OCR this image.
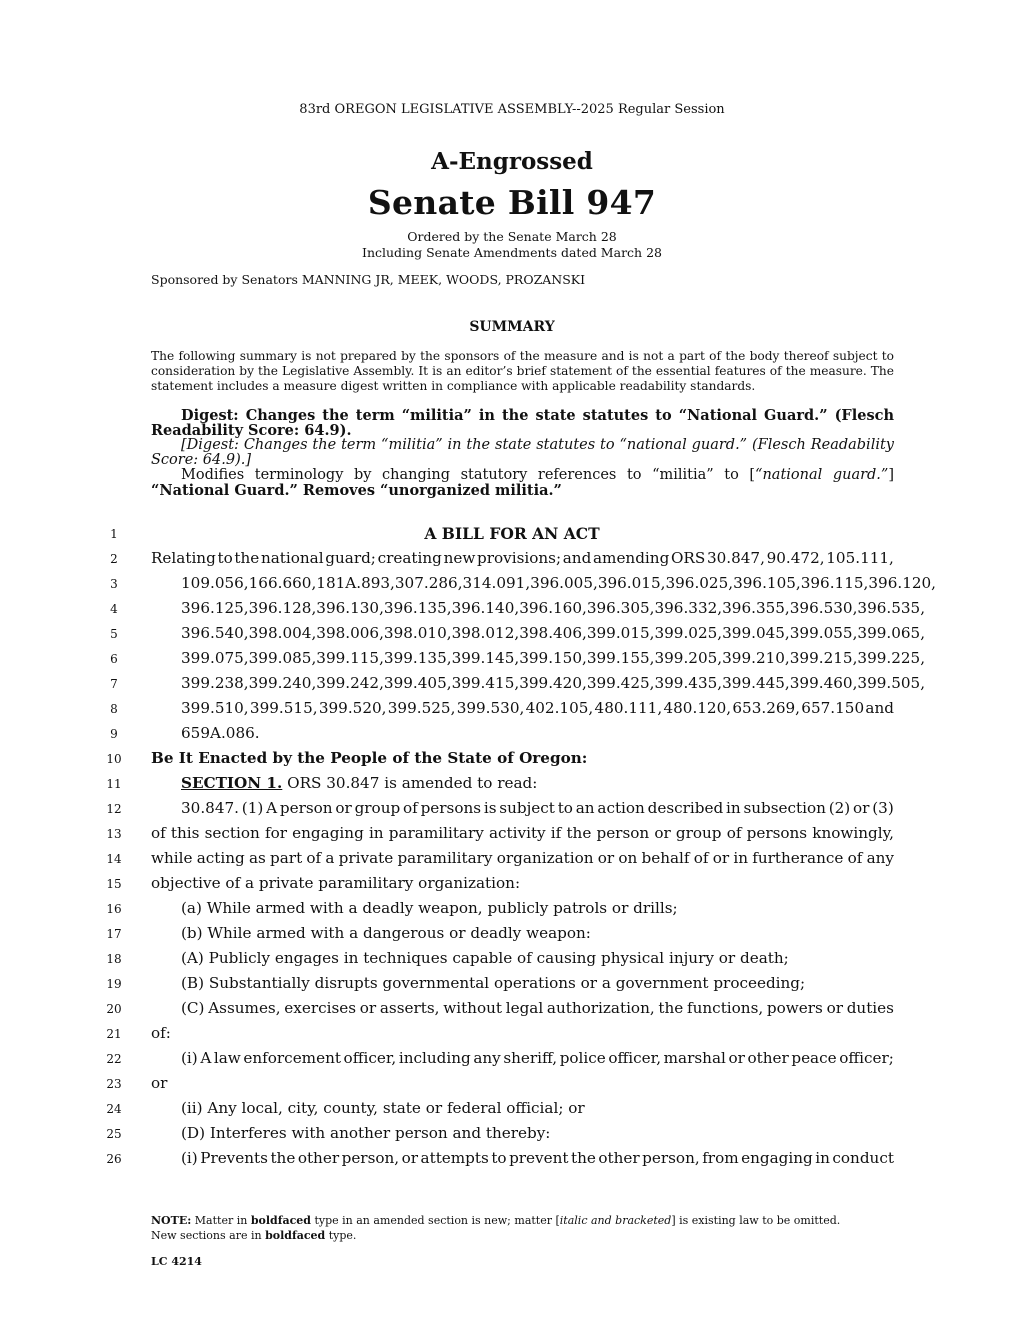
83rd OREGON LEGISLATIVE ASSEMBLY--2025 Regular Session
A-Engrossed
Senate Bill 947
Ordered by the Senate March 28
Including Senate Amendments dated March 28
Sponsored by Senators MANNING JR, MEEK, WOODS, PROZANSKI
SUMMARY
The following summary is not prepared by the sponsors of the measure and is not a part of the body thereof subject to consideration by the Legislative Assembly. It is an editor’s brief statement of the essential features of the measure. The statement includes a measure digest written in compliance with applicable readability standards.
Digest: Changes the term “militia” in the state statutes to “National Guard.” (Flesch Readability Score: 64.9).
[Digest: Changes the term “militia” in the state statutes to “national guard.” (Flesch Readability Score: 64.9).]
Modifies terminology by changing statutory references to “militia” to [“national guard.”] “National Guard.” Removes “unorganized militia.”
1
2
3
4
5
6
7
8
9
10
11
12
13
14
15
16
17
18
19
20
21
22
23
24
25
26
A BILL FOR AN ACT
Relating to the national guard; creating new provisions; and amending ORS 30.847, 90.472, 105.111,
109.056, 166.660, 181A.893, 307.286, 314.091, 396.005, 396.015, 396.025, 396.105, 396.115, 396.120,
396.125, 396.128, 396.130, 396.135, 396.140, 396.160, 396.305, 396.332, 396.355, 396.530, 396.535,
396.540, 398.004, 398.006, 398.010, 398.012, 398.406, 399.015, 399.025, 399.045, 399.055, 399.065,
399.075, 399.085, 399.115, 399.135, 399.145, 399.150, 399.155, 399.205, 399.210, 399.215, 399.225,
399.238, 399.240, 399.242, 399.405, 399.415, 399.420, 399.425, 399.435, 399.445, 399.460, 399.505,
399.510, 399.515, 399.520, 399.525, 399.530, 402.105, 480.111, 480.120, 653.269, 657.150 and
659A.086.
Be It Enacted by the People of the State of Oregon:
SECTION 1. ORS 30.847 is amended to read:
30.847. (1) A person or group of persons is subject to an action described in subsection (2) or (3)
of this section for engaging in paramilitary activity if the person or group of persons knowingly,
while acting as part of a private paramilitary organization or on behalf of or in furtherance of any
objective of a private paramilitary organization:
(a) While armed with a deadly weapon, publicly patrols or drills;
(b) While armed with a dangerous or deadly weapon:
(A) Publicly engages in techniques capable of causing physical injury or death;
(B) Substantially disrupts governmental operations or a government proceeding;
(C) Assumes, exercises or asserts, without legal authorization, the functions, powers or duties
of:
(i) A law enforcement officer, including any sheriff, police officer, marshal or other peace officer;
or
(ii) Any local, city, county, state or federal official; or
(D) Interferes with another person and thereby:
(i) Prevents the other person, or attempts to prevent the other person, from engaging in conduct
NOTE: Matter in boldfaced type in an amended section is new; matter [italic and bracketed] is existing law to be omitted.
New sections are in boldfaced type.
LC 4214
